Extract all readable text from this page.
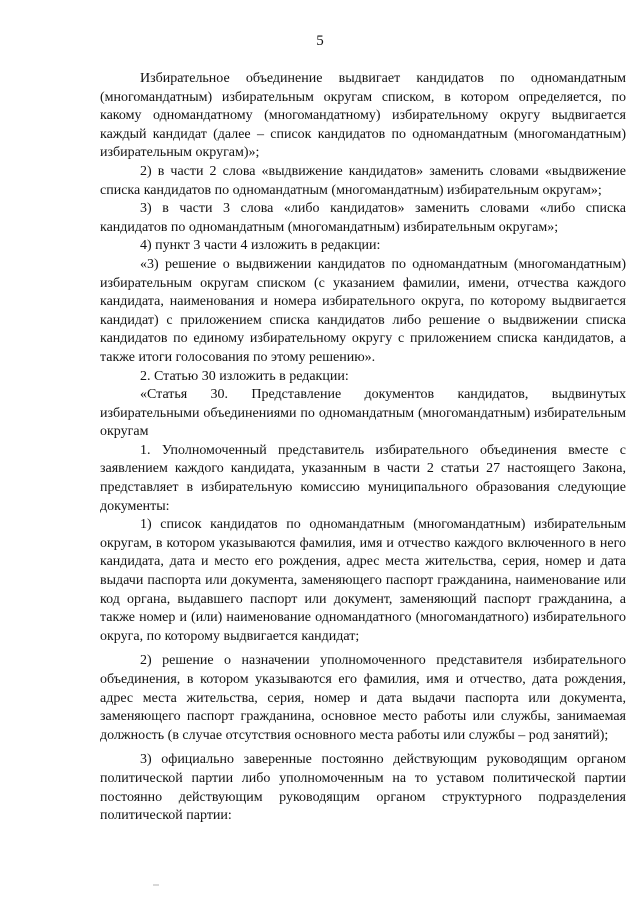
5

Избирательное объединение выдвигает кандидатов по одномандатным (многомандатным) избирательным округам списком, в котором определяется, по какому одномандатному (многомандатному) избирательному округу выдвигается каждый кандидат (далее – список кандидатов по одномандатным (многомандатным) избирательным округам)»;

2) в части 2 слова «выдвижение кандидатов» заменить словами «выдвижение списка кандидатов по одномандатным (многомандатным) избирательным округам»;

3) в части 3 слова «либо кандидатов» заменить словами «либо списка кандидатов по одномандатным (многомандатным) избирательным округам»;

4) пункт 3 части 4 изложить в редакции:

«3) решение о выдвижении кандидатов по одномандатным (многомандатным) избирательным округам списком (с указанием фамилии, имени, отчества каждого кандидата, наименования и номера избирательного округа, по которому выдвигается кандидат) с приложением списка кандидатов либо решение о выдвижении списка кандидатов по единому избирательному округу с приложением списка кандидатов, а также итоги голосования по этому решению».

2. Статью 30 изложить в редакции:

«Статья 30. Представление документов кандидатов, выдвинутых избирательными объединениями по одномандатным (многомандатным) избирательным округам

1. Уполномоченный представитель избирательного объединения вместе с заявлением каждого кандидата, указанным в части 2 статьи 27 настоящего Закона, представляет в избирательную комиссию муниципального образования следующие документы:

1) список кандидатов по одномандатным (многомандатным) избирательным округам, в котором указываются фамилия, имя и отчество каждого включенного в него кандидата, дата и место его рождения, адрес места жительства, серия, номер и дата выдачи паспорта или документа, заменяющего паспорт гражданина, наименование или код органа, выдавшего паспорт или документ, заменяющий паспорт гражданина, а также номер и (или) наименование одномандатного (многомандатного) избирательного округа, по которому выдвигается кандидат;

2) решение о назначении уполномоченного представителя избирательного объединения, в котором указываются его фамилия, имя и отчество, дата рождения, адрес места жительства, серия, номер и дата выдачи паспорта или документа, заменяющего паспорт гражданина, основное место работы или службы, занимаемая должность (в случае отсутствия основного места работы или службы – род занятий);

3) официально заверенные постоянно действующим руководящим органом политической партии либо уполномоченным на то уставом политической партии постоянно действующим руководящим органом структурного подразделения политической партии:
